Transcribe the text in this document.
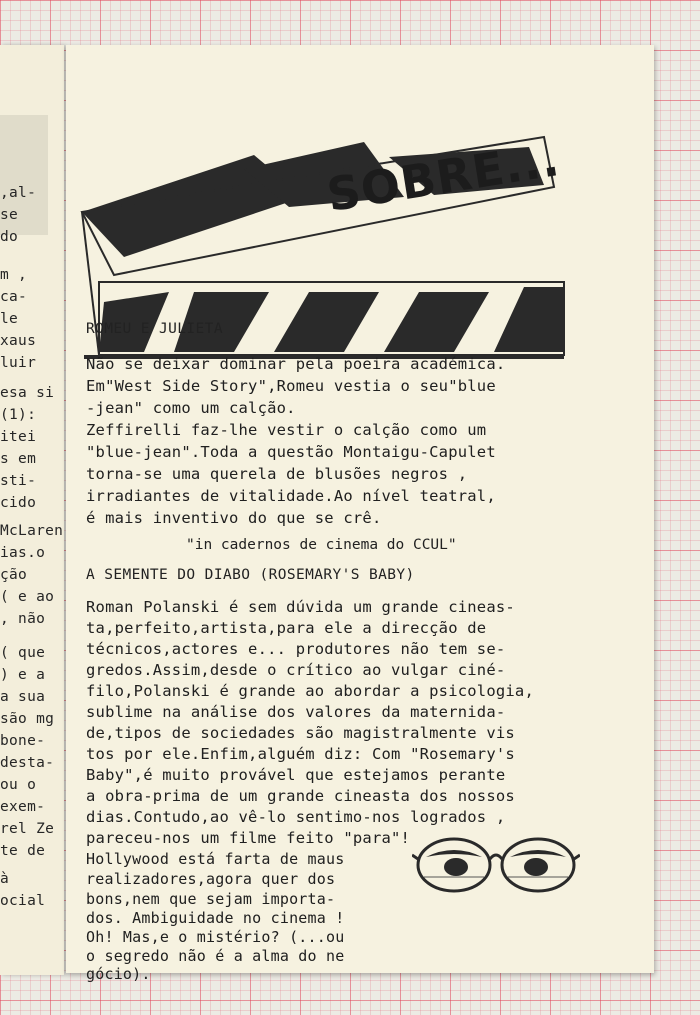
,al-
se
do
m ,
ca-
le
xaus
luir
esa si
(1):
itei
s em
sti-
cido
McLaren
ias.o
ção
( e ao
, não
( que
) e a
a sua
são mg
bone-
desta-
ou o
exem-
rel Ze
te de
à
ocial
SOBRE...
ROMEU E JULIETA
Não se deixar dominar pela poeira académica.
Em"West Side Story",Romeu vestia o seu"blue
-jean" como um calção.
Zeffirelli faz-lhe vestir o calção como um
"blue-jean".Toda a questão Montaigu-Capulet
torna-se uma querela de blusões negros ,
irradiantes de vitalidade.Ao nível teatral,
é mais inventivo do que se crê.
"in cadernos de cinema do CCUL"
A SEMENTE DO DIABO (ROSEMARY'S BABY)
Roman Polanski é sem dúvida um grande cineas-
ta,perfeito,artista,para ele a direcção de
técnicos,actores e... produtores não tem se-
gredos.Assim,desde o crítico ao vulgar ciné-
filo,Polanski é grande ao abordar a psicologia,
sublime na análise dos valores da maternida-
de,tipos de sociedades são magistralmente vis
tos por ele.Enfim,alguém diz: Com "Rosemary's
Baby",é muito provável que estejamos perante
a obra-prima de um grande cineasta dos nossos
dias.Contudo,ao vê-lo sentimo-nos logrados ,
pareceu-nos um filme feito "para"!
Hollywood está farta de maus
realizadores,agora quer dos
bons,nem que sejam importa-
dos. Ambiguidade no cinema !
Oh! Mas,e o mistério? (...ou
o segredo não é a alma do ne
gócio).
